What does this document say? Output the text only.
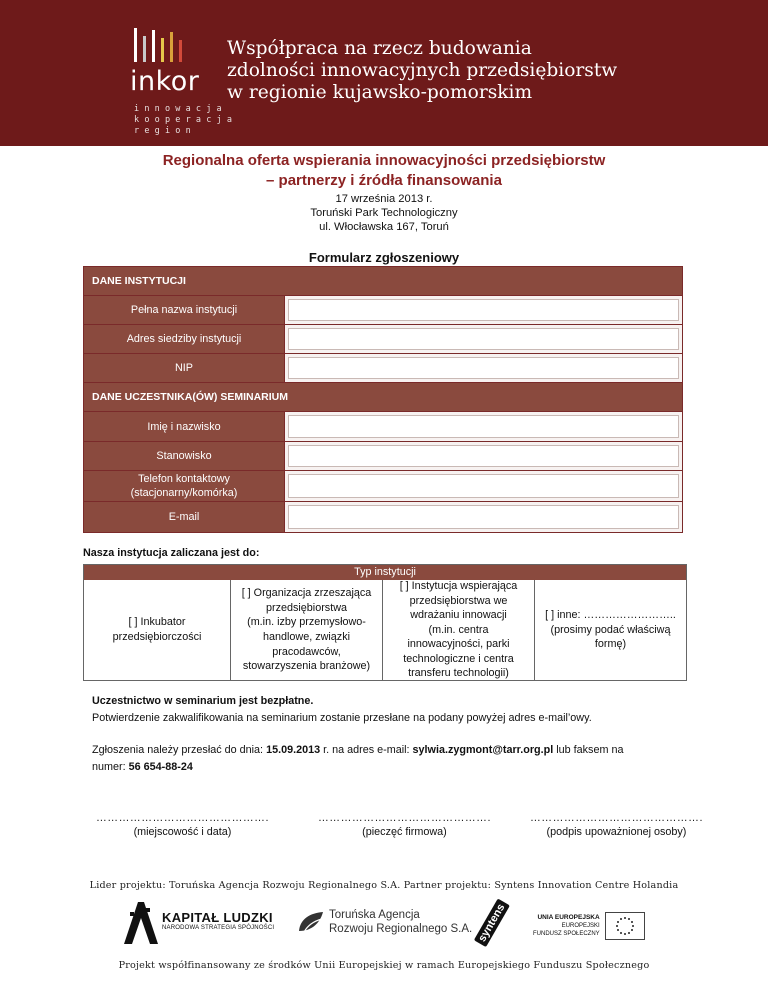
inkor
innowacja
kooperacja
region
Współpraca na rzecz budowania
zdolności innowacyjnych przedsiębiorstw
w regionie kujawsko-pomorskim
Regionalna oferta wspierania innowacyjności przedsiębiorstw
– partnerzy i źródła finansowania
17 września 2013 r.
Toruński Park Technologiczny
ul. Włocławska 167, Toruń
Formularz zgłoszeniowy
DANE INSTYTUCJI
Pełna nazwa instytucji
Adres siedziby instytucji
NIP
DANE UCZESTNIKA(ÓW) SEMINARIUM
Imię i nazwisko
Stanowisko
Telefon kontaktowy
(stacjonarny/komórka)
E-mail
Nasza instytucja zaliczana jest do:
Typ instytucji
[ ] Inkubator
przedsiębiorczości
[ ] Organizacja zrzeszająca
przedsiębiorstwa
(m.in. izby przemysłowo-
handlowe, związki
pracodawców,
stowarzyszenia branżowe)
[ ] Instytucja wspierająca
przedsiębiorstwa we
wdrażaniu innowacji
(m.in. centra
innowacyjności, parki
technologiczne i centra
transferu technologii)
[ ] inne: ……………………..
(prosimy podać właściwą
formę)
Uczestnictwo w seminarium jest bezpłatne.
Potwierdzenie zakwalifikowania na seminarium zostanie przesłane na podany powyżej adres e-mail’owy.
Zgłoszenia należy przesłać do dnia: 15.09.2013 r. na adres e-mail: sylwia.zygmont@tarr.org.pl lub faksem na
numer: 56 654-88-24
……………………………………….
(miejscowość i data)
……………………………………….
(pieczęć firmowa)
……………………………………….
(podpis upoważnionej osoby)
Lider projektu: Toruńska Agencja Rozwoju Regionalnego S.A. Partner projektu: Syntens Innovation Centre Holandia
KAPITAŁ LUDZKI
NARODOWA STRATEGIA SPÓJNOŚCI
Toruńska Agencja
Rozwoju Regionalnego S.A. syntens	UNIA EUROPEJSKA
EUROPEJSKI
FUNDUSZ SPOŁECZNY
Projekt współfinansowany ze środków Unii Europejskiej w ramach Europejskiego Funduszu Społecznego
